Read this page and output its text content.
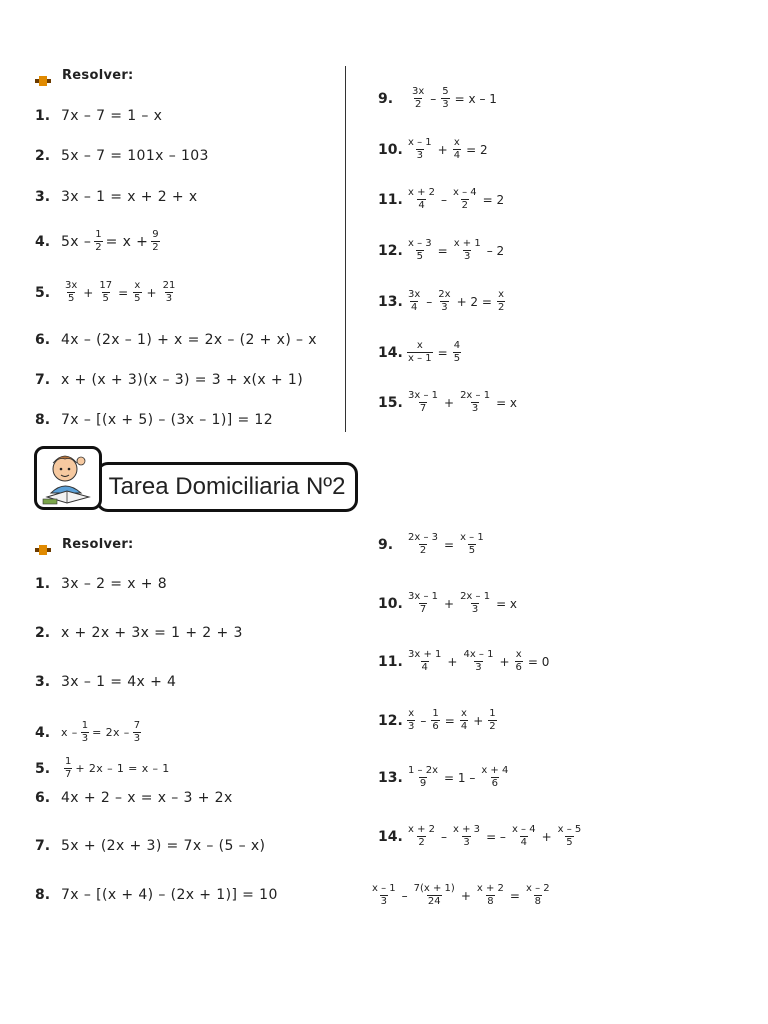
Resolver:
1. 7x – 7 = 1 – x
2. 5x – 7 = 101x – 103
3. 3x – 1 = x + 2 + x
4. $5x - \frac{1}{2} = x + \frac{9}{2}$
5.	$\frac{3x}{5} + \frac{17}{5} = \frac{x}{5} + \frac{21}{3}$
6. 4x – (2x – 1) + x = 2x – (2 + x) – x
7. x + (x + 3)(x – 3) = 3 + x(x + 1)
8. 7x – [(x + 5) – (3x – 1)] = 12
9.	$\frac{3x}{2} - \frac{5}{3} = x - 1$
10. $\frac{x - 1}{3} + \frac{x}{4} = 2$
11. $\frac{x + 2}{4} - \frac{x - 4}{2} = 2$
12. $\frac{x - 3}{5} = \frac{x + 1}{3} - 2$
13. $\frac{3x}{4} - \frac{2x}{3} + 2 = \frac{x}{2}$
14. $\frac{x}{x - 1} = \frac{4}{5}$
15. $\frac{3x - 1}{7} + \frac{2x - 1}{3} = x$
Tarea Domiciliaria Nº2
Resolver:
1. 3x – 2 = x + 8
2. x + 2x + 3x = 1 + 2 + 3
3. 3x – 1 = 4x + 4
4. $x - \frac{1}{3} = 2x - \frac{7}{3}$
5.	$\frac{1}{7} + 2x - 1 = x - 1$
6. 4x + 2 – x = x – 3 + 2x
7. 5x + (2x + 3) = 7x – (5 – x)
8. 7x – [(x + 4) – (2x + 1)] = 10
9.	$\frac{2x - 3}{2} = \frac{x - 1}{5}$
10. $\frac{3x - 1}{7} + \frac{2x - 1}{3} = x$
11. $\frac{3x + 1}{4} + \frac{4x - 1}{3} + \frac{x}{6} = 0$
12. $\frac{x}{3} - \frac{1}{6} = \frac{x}{4} + \frac{1}{2}$
13. $\frac{1 - 2x}{9} = 1 - \frac{x + 4}{6}$
14. $\frac{x + 2}{2} - \frac{x + 3}{3}$ = – $\frac{x - 4}{4} + \frac{x - 5}{5}$
$\frac{x - 1}{3} - \frac{7(x + 1)}{24} + \frac{x + 2}{8} = \frac{x - 2}{8}$
